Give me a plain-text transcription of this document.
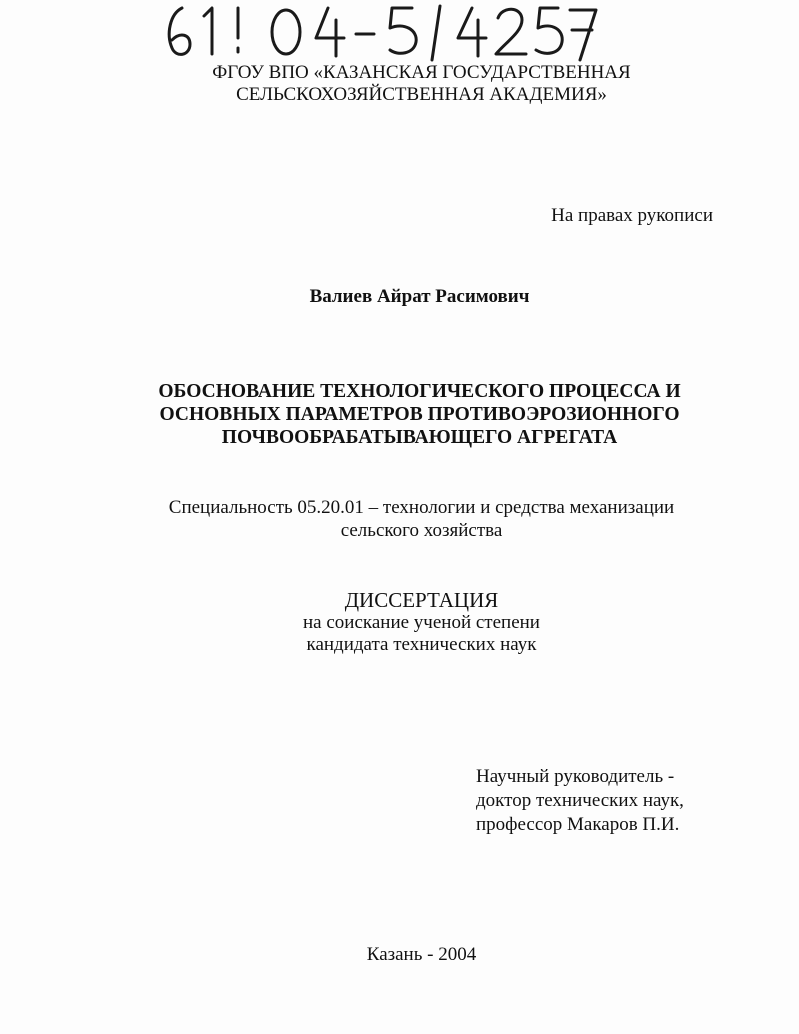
ФГОУ ВПО «КАЗАНСКАЯ ГОСУДАРСТВЕННАЯ
СЕЛЬСКОХОЗЯЙСТВЕННАЯ АКАДЕМИЯ»
На правах рукописи
Валиев Айрат Расимович
ОБОСНОВАНИЕ ТЕХНОЛОГИЧЕСКОГО ПРОЦЕССА И
ОСНОВНЫХ ПАРАМЕТРОВ ПРОТИВОЭРОЗИОННОГО
ПОЧВООБРАБАТЫВАЮЩЕГО АГРЕГАТА
Специальность 05.20.01 – технологии и средства механизации
сельского хозяйства
ДИССЕРТАЦИЯ
на соискание ученой степени
кандидата технических наук
Научный руководитель -
доктор технических наук,
профессор Макаров П.И.
Казань - 2004
